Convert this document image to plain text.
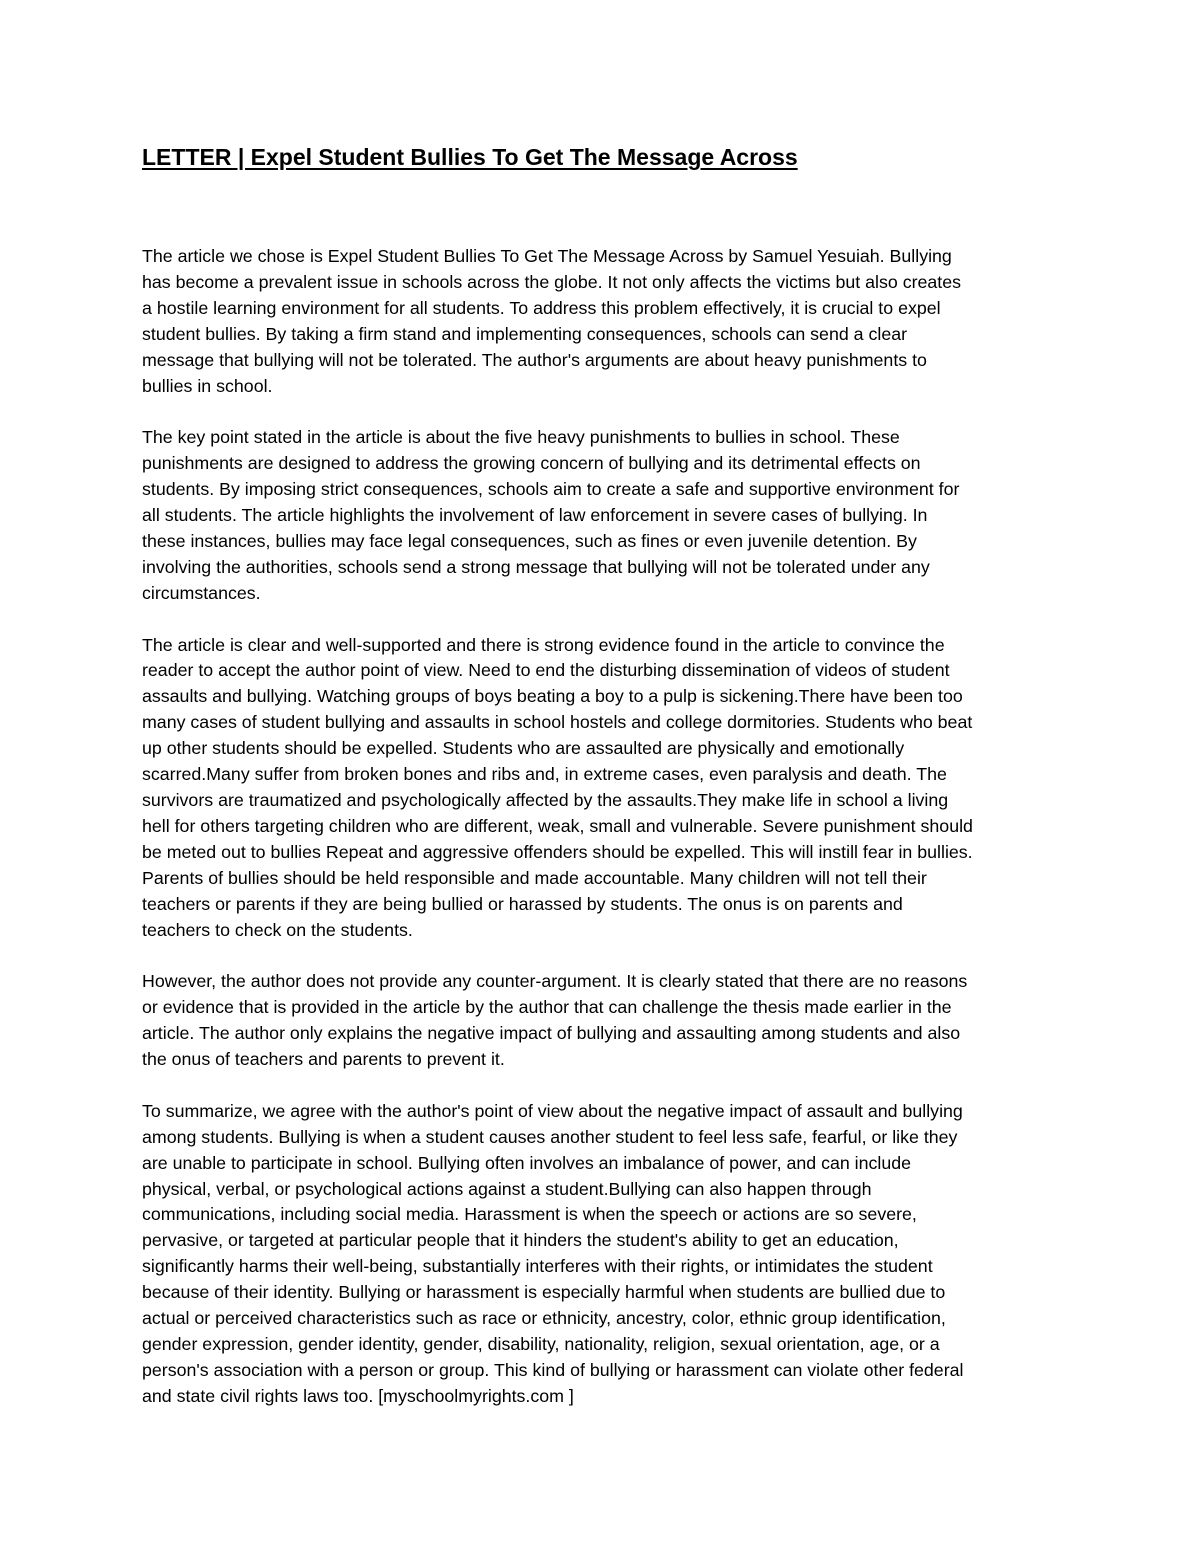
LETTER | Expel Student Bullies To Get The Message Across

The article we chose is Expel Student Bullies To Get The Message Across by Samuel Yesuiah. Bullying
has become a prevalent issue in schools across the globe. It not only affects the victims but also creates
a hostile learning environment for all students. To address this problem effectively, it is crucial to expel
student bullies. By taking a firm stand and implementing consequences, schools can send a clear
message that bullying will not be tolerated. The author's arguments are about heavy punishments to
bullies in school.

The key point stated in the article is about the five heavy punishments to bullies in school. These
punishments are designed to address the growing concern of bullying and its detrimental effects on
students. By imposing strict consequences, schools aim to create a safe and supportive environment for
all students. The article highlights the involvement of law enforcement in severe cases of bullying. In
these instances, bullies may face legal consequences, such as fines or even juvenile detention. By
involving the authorities, schools send a strong message that bullying will not be tolerated under any
circumstances.

The article is clear and well-supported and there is strong evidence found in the article to convince the
reader to accept the author point of view. Need to end the disturbing dissemination of videos of student
assaults and bullying. Watching groups of boys beating a boy to a pulp is sickening.There have been too
many cases of student bullying and assaults in school hostels and college dormitories. Students who beat
up other students should be expelled. Students who are assaulted are physically and emotionally
scarred.Many suffer from broken bones and ribs and, in extreme cases, even paralysis and death. The
survivors are traumatized and psychologically affected by the assaults.They make life in school a living
hell for others targeting children who are different, weak, small and vulnerable. Severe punishment should
be meted out to bullies Repeat and aggressive offenders should be expelled. This will instill fear in bullies.
Parents of bullies should be held responsible and made accountable. Many children will not tell their
teachers or parents if they are being bullied or harassed by students. The onus is on parents and
teachers to check on the students.

However, the author does not provide any counter-argument. It is clearly stated that there are no reasons
or evidence that is provided in the article by the author that can challenge the thesis made earlier in the
article. The author only explains the negative impact of bullying and assaulting among students and also
the onus of teachers and parents to prevent it.

To summarize, we agree with the author's point of view about the negative impact of assault and bullying
among students. Bullying is when a student causes another student to feel less safe, fearful, or like they
are unable to participate in school. Bullying often involves an imbalance of power, and can include
physical, verbal, or psychological actions against a student.Bullying can also happen through
communications, including social media. Harassment is when the speech or actions are so severe,
pervasive, or targeted at particular people that it hinders the student's ability to get an education,
significantly harms their well-being, substantially interferes with their rights, or intimidates the student
because of their identity. Bullying or harassment is especially harmful when students are bullied due to
actual or perceived characteristics such as race or ethnicity, ancestry, color, ethnic group identification,
gender expression, gender identity, gender, disability, nationality, religion, sexual orientation, age, or a
person's association with a person or group. This kind of bullying or harassment can violate other federal
and state civil rights laws too. [myschoolmyrights.com ]
